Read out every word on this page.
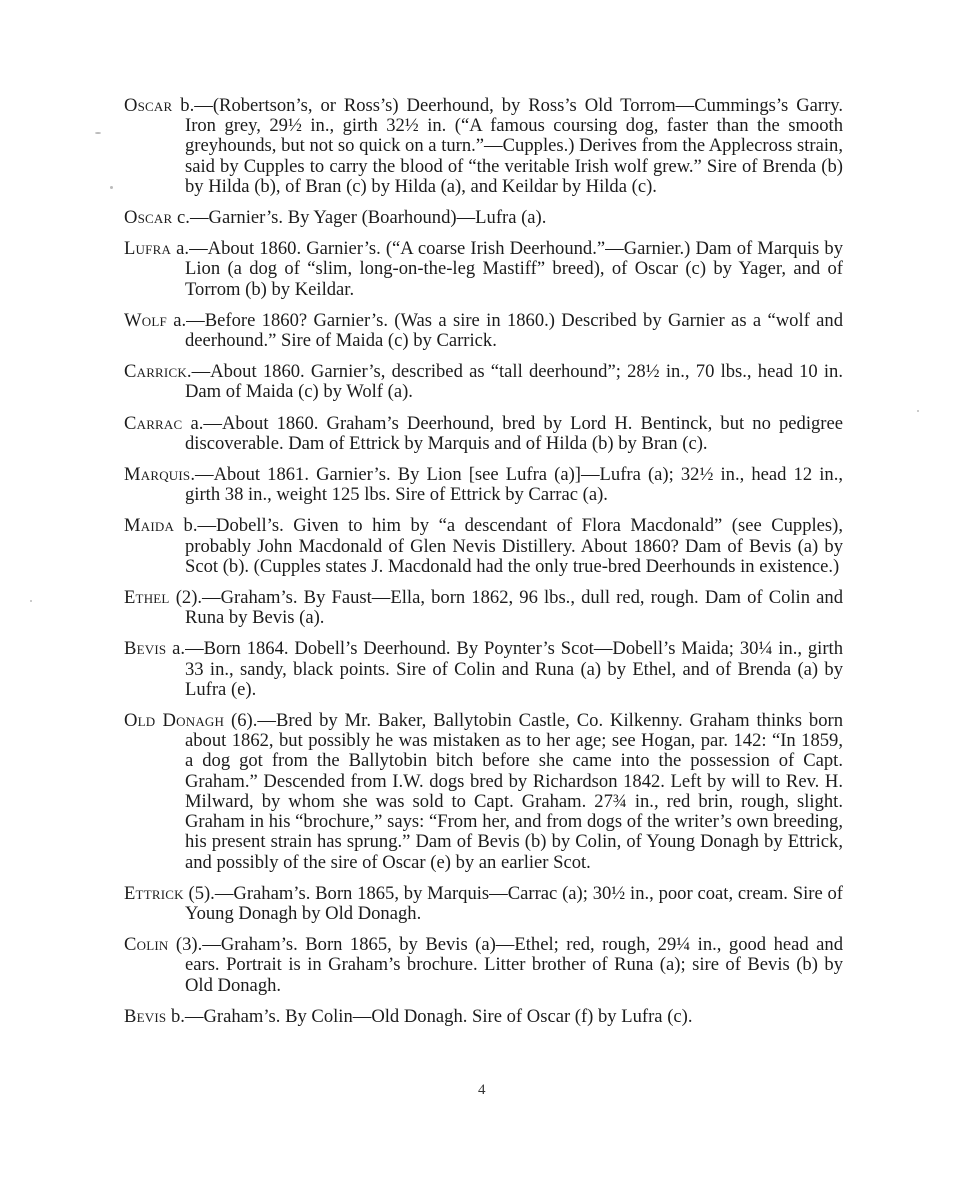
Oscar b.—(Robertson’s, or Ross’s) Deerhound, by Ross’s Old Torrom—Cummings’s Garry. Iron grey, 29½ in., girth 32½ in. (“A famous coursing dog, faster than the smooth greyhounds, but not so quick on a turn.”—Cupples.) Derives from the Applecross strain, said by Cupples to carry the blood of “the veritable Irish wolf grew.” Sire of Brenda (b) by Hilda (b), of Bran (c) by Hilda (a), and Keildar by Hilda (c).

Oscar c.—Garnier’s. By Yager (Boarhound)—Lufra (a).

Lufra a.—About 1860. Garnier’s. (“A coarse Irish Deerhound.”—Garnier.) Dam of Marquis by Lion (a dog of “slim, long-on-the-leg Mastiff” breed), of Oscar (c) by Yager, and of Torrom (b) by Keildar.

Wolf a.—Before 1860? Garnier’s. (Was a sire in 1860.) Described by Garnier as a “wolf and deerhound.” Sire of Maida (c) by Carrick.

Carrick.—About 1860. Garnier’s, described as “tall deerhound”; 28½ in., 70 lbs., head 10 in. Dam of Maida (c) by Wolf (a).

Carrac a.—About 1860. Graham’s Deerhound, bred by Lord H. Bentinck, but no pedigree discoverable. Dam of Ettrick by Marquis and of Hilda (b) by Bran (c).

Marquis.—About 1861. Garnier’s. By Lion [see Lufra (a)]—Lufra (a); 32½ in., head 12 in., girth 38 in., weight 125 lbs. Sire of Ettrick by Carrac (a).

Maida b.—Dobell’s. Given to him by “a descendant of Flora Macdonald” (see Cupples), probably John Macdonald of Glen Nevis Distillery. About 1860? Dam of Bevis (a) by Scot (b). (Cupples states J. Macdonald had the only true-bred Deerhounds in existence.)

Ethel (2).—Graham’s. By Faust—Ella, born 1862, 96 lbs., dull red, rough. Dam of Colin and Runa by Bevis (a).

Bevis a.—Born 1864. Dobell’s Deerhound. By Poynter’s Scot—Dobell’s Maida; 30¼ in., girth 33 in., sandy, black points. Sire of Colin and Runa (a) by Ethel, and of Brenda (a) by Lufra (e).

Old Donagh (6).—Bred by Mr. Baker, Ballytobin Castle, Co. Kilkenny. Graham thinks born about 1862, but possibly he was mistaken as to her age; see Hogan, par. 142: “In 1859, a dog got from the Ballytobin bitch before she came into the possession of Capt. Graham.” Descended from I.W. dogs bred by Richardson 1842. Left by will to Rev. H. Milward, by whom she was sold to Capt. Graham. 27¾ in., red brin, rough, slight. Graham in his “brochure,” says: “From her, and from dogs of the writer’s own breeding, his present strain has sprung.” Dam of Bevis (b) by Colin, of Young Donagh by Ettrick, and possibly of the sire of Oscar (e) by an earlier Scot.

Ettrick (5).—Graham’s. Born 1865, by Marquis—Carrac (a); 30½ in., poor coat, cream. Sire of Young Donagh by Old Donagh.

Colin (3).—Graham’s. Born 1865, by Bevis (a)—Ethel; red, rough, 29¼ in., good head and ears. Portrait is in Graham’s brochure. Litter brother of Runa (a); sire of Bevis (b) by Old Donagh.

Bevis b.—Graham’s. By Colin—Old Donagh. Sire of Oscar (f) by Lufra (c).

4
